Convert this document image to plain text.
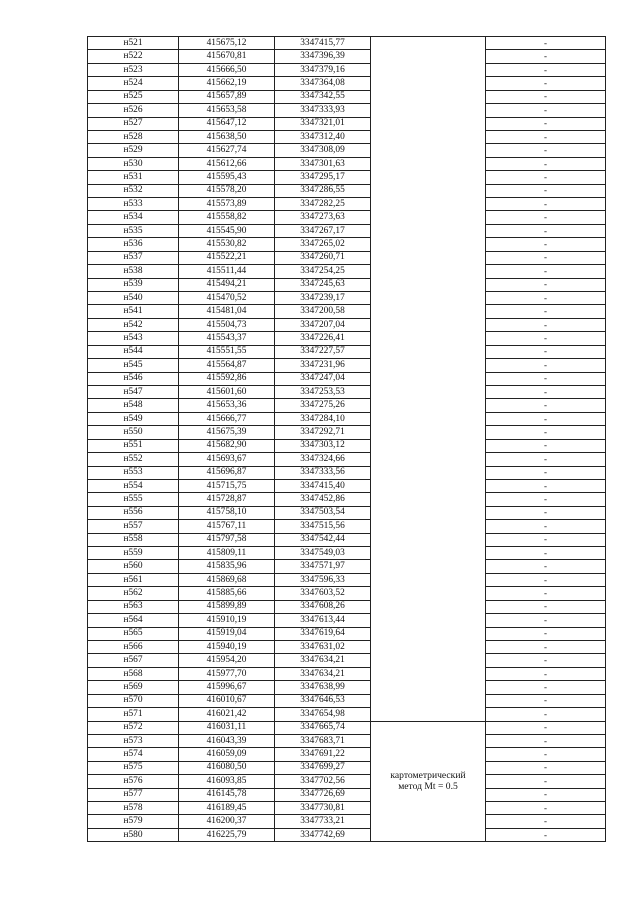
н521	415675,12	3347415,77		-
н522	415670,81	3347396,39		-
н523	415666,50	3347379,16		-
н524	415662,19	3347364,08		-
н525	415657,89	3347342,55		-
н526	415653,58	3347333,93		-
н527	415647,12	3347321,01		-
н528	415638,50	3347312,40		-
н529	415627,74	3347308,09		-
н530	415612,66	3347301,63		-
н531	415595,43	3347295,17		-
н532	415578,20	3347286,55		-
н533	415573,89	3347282,25		-
н534	415558,82	3347273,63		-
н535	415545,90	3347267,17		-
н536	415530,82	3347265,02		-
н537	415522,21	3347260,71		-
н538	415511,44	3347254,25		-
н539	415494,21	3347245,63		-
н540	415470,52	3347239,17		-
н541	415481,04	3347200,58		-
н542	415504,73	3347207,04		-
н543	415543,37	3347226,41		-
н544	415551,55	3347227,57		-
н545	415564,87	3347231,96		-
н546	415592,86	3347247,04		-
н547	415601,60	3347253,53		-
н548	415653,36	3347275,26		-
н549	415666,77	3347284,10		-
н550	415675,39	3347292,71		-
н551	415682,90	3347303,12		-
н552	415693,67	3347324,66		-
н553	415696,87	3347333,56		-
н554	415715,75	3347415,40		-
н555	415728,87	3347452,86		-
н556	415758,10	3347503,54		-
н557	415767,11	3347515,56		-
н558	415797,58	3347542,44		-
н559	415809,11	3347549,03		-
н560	415835,96	3347571,97		-
н561	415869,68	3347596,33		-
н562	415885,66	3347603,52		-
н563	415899,89	3347608,26		-
н564	415910,19	3347613,44		-
н565	415919,04	3347619,64		-
н566	415940,19	3347631,02		-
н567	415954,20	3347634,21		-
н568	415977,70	3347634,21		-
н569	415996,67	3347638,99		-
н570	416010,67	3347646,53		-
н571	416021,42	3347654,98		-
н572	416031,11	3347665,74	картометрический
метод Mt = 0.5	-
н573	416043,39	3347683,71		-
н574	416059,09	3347691,22		-
н575	416080,50	3347699,27		-
н576	416093,85	3347702,56		-
н577	416145,78	3347726,69		-
н578	416189,45	3347730,81		-
н579	416200,37	3347733,21		-
н580	416225,79	3347742,69		-
